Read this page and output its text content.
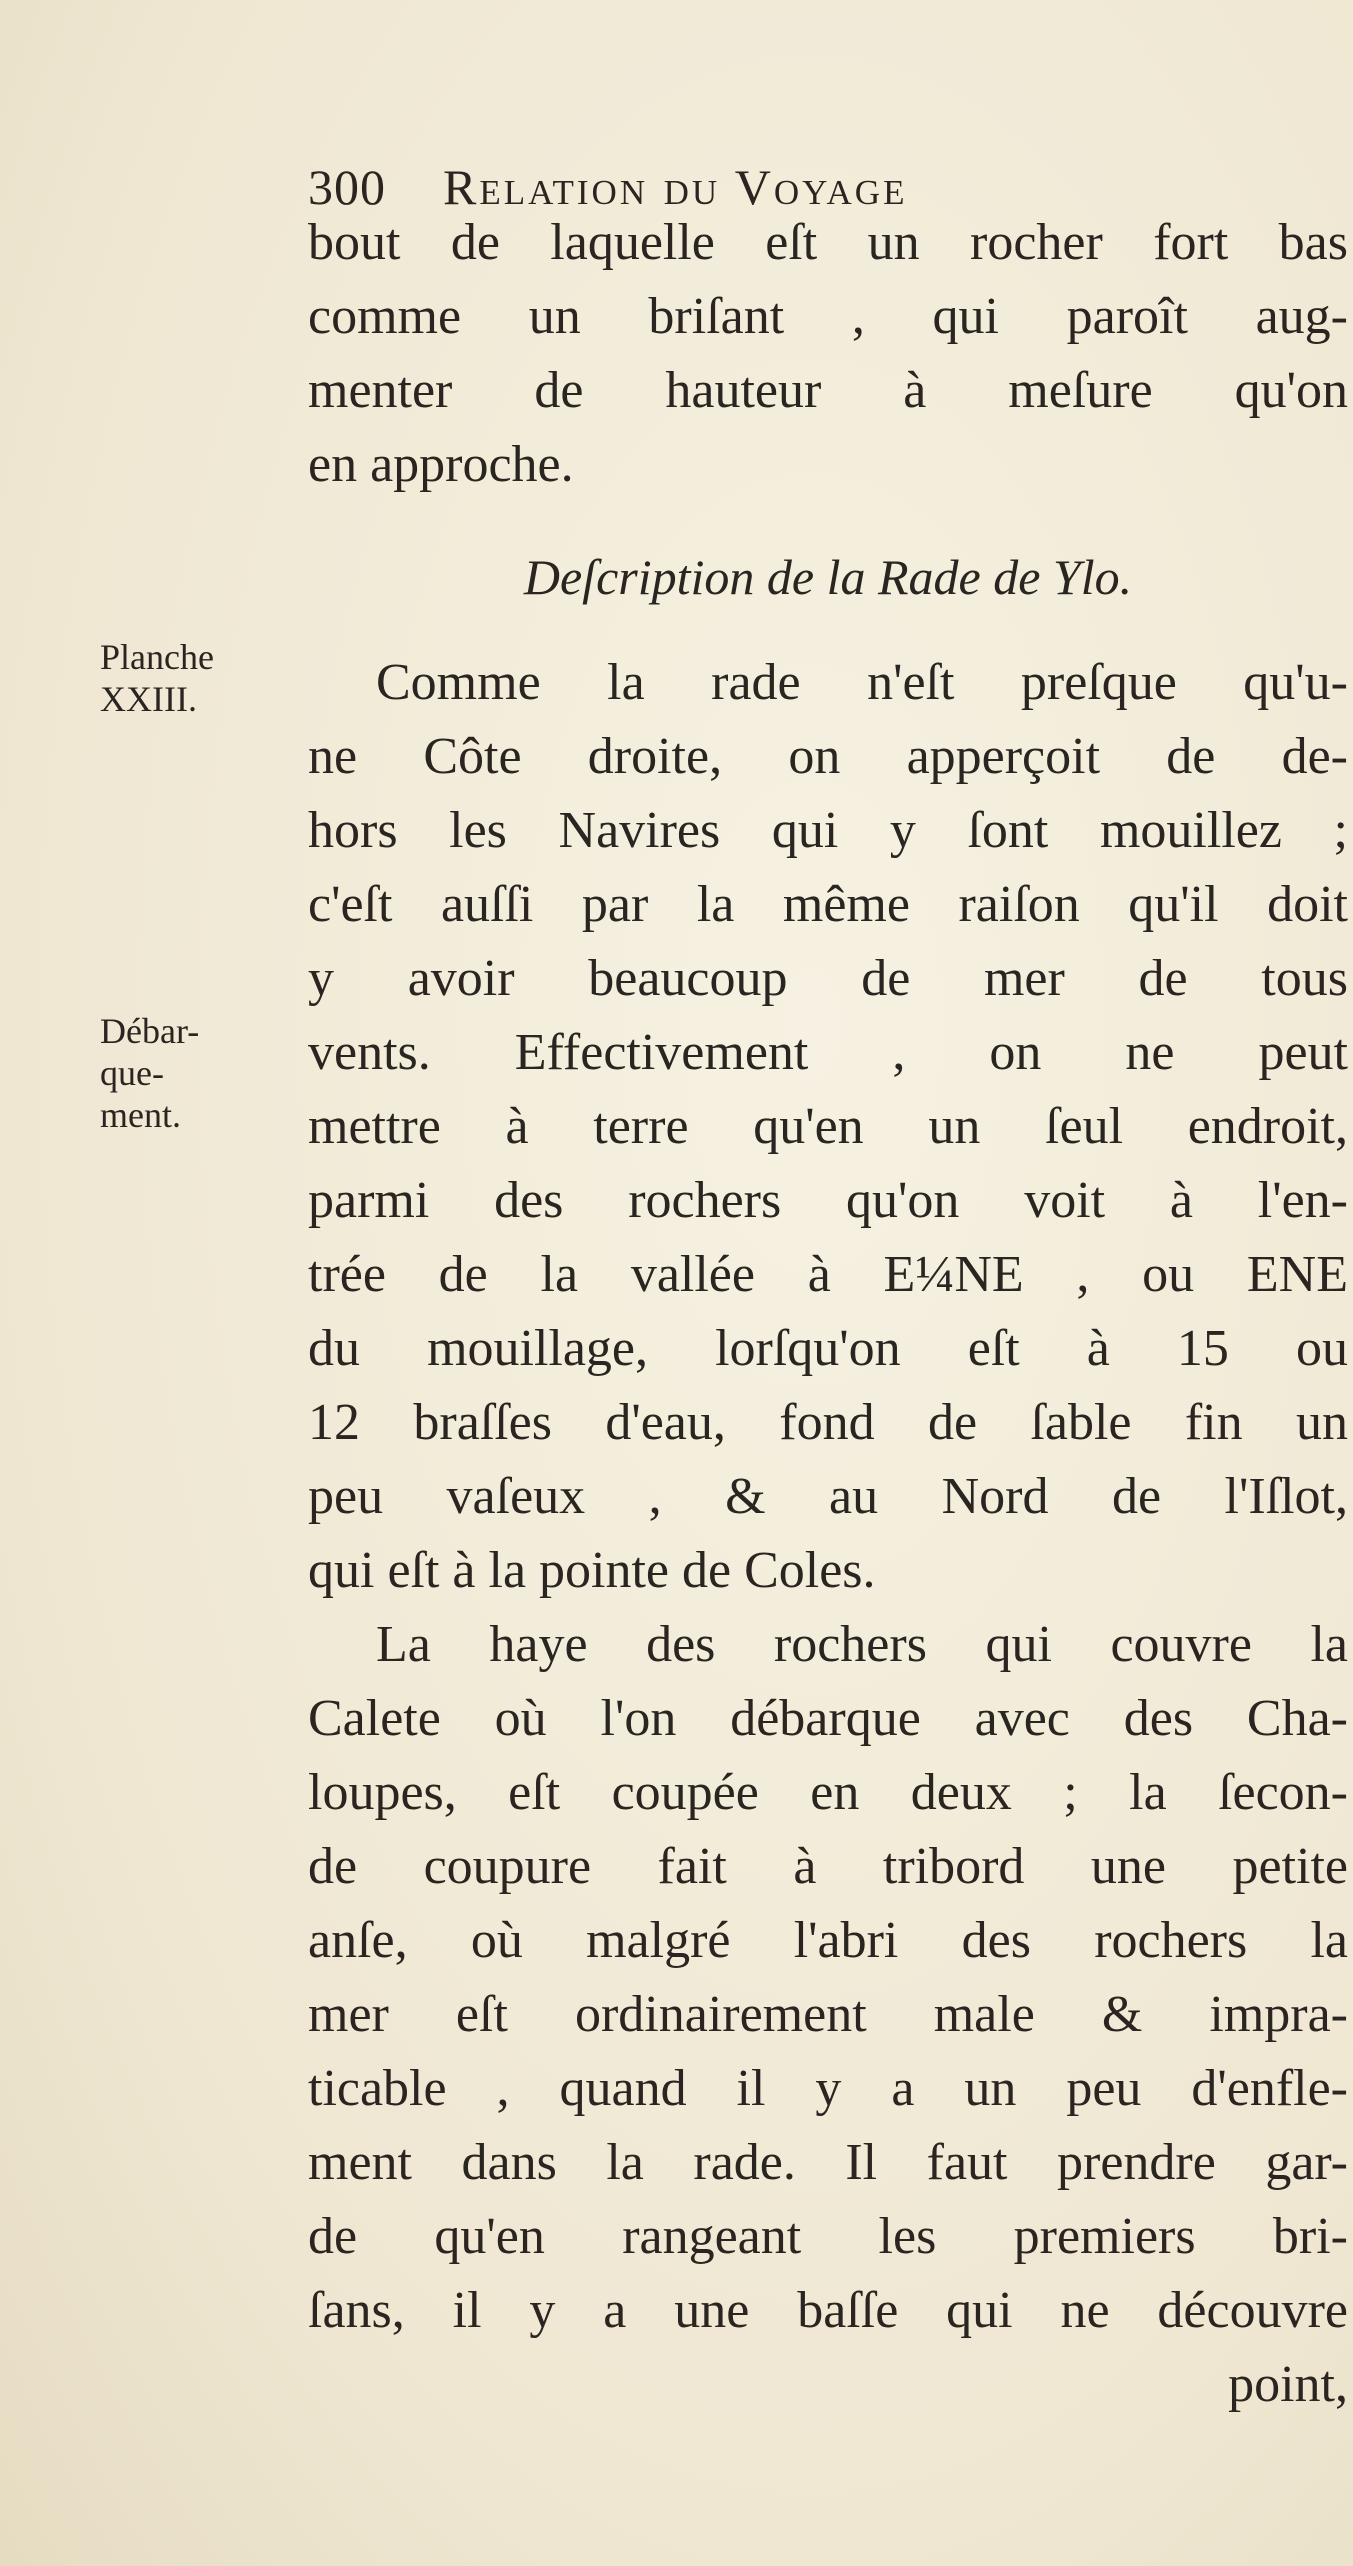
300 Relation du Voyage
bout de laquelle eſt un rocher fort bas
comme un briſant , qui paroît aug-
menter de hauteur à meſure qu'on
en approche.
Deſcription de la Rade de Ylo.
Planche
XXIII.
Débar-
que-
ment.
Comme la rade n'eſt preſque qu'u-
ne Côte droite, on apperçoit de de-
hors les Navires qui y ſont mouillez ;
c'eſt auſſi par la même raiſon qu'il doit
y avoir beaucoup de mer de tous
vents. Effectivement , on ne peut
mettre à terre qu'en un ſeul endroit,
parmi des rochers qu'on voit à l'en-
trée de la vallée à E¼NE , ou ENE
du mouillage, lorſqu'on eſt à 15 ou
12 braſſes d'eau, fond de ſable fin un
peu vaſeux , & au Nord de l'Iſlot,
qui eſt à la pointe de Coles.
La haye des rochers qui couvre la
Calete où l'on débarque avec des Cha-
loupes, eſt coupée en deux ; la ſecon-
de coupure fait à tribord une petite
anſe, où malgré l'abri des rochers la
mer eſt ordinairement male & impra-
ticable , quand il y a un peu d'enfle-
ment dans la rade. Il faut prendre gar-
de qu'en rangeant les premiers bri-
ſans, il y a une baſſe qui ne découvre
point,
